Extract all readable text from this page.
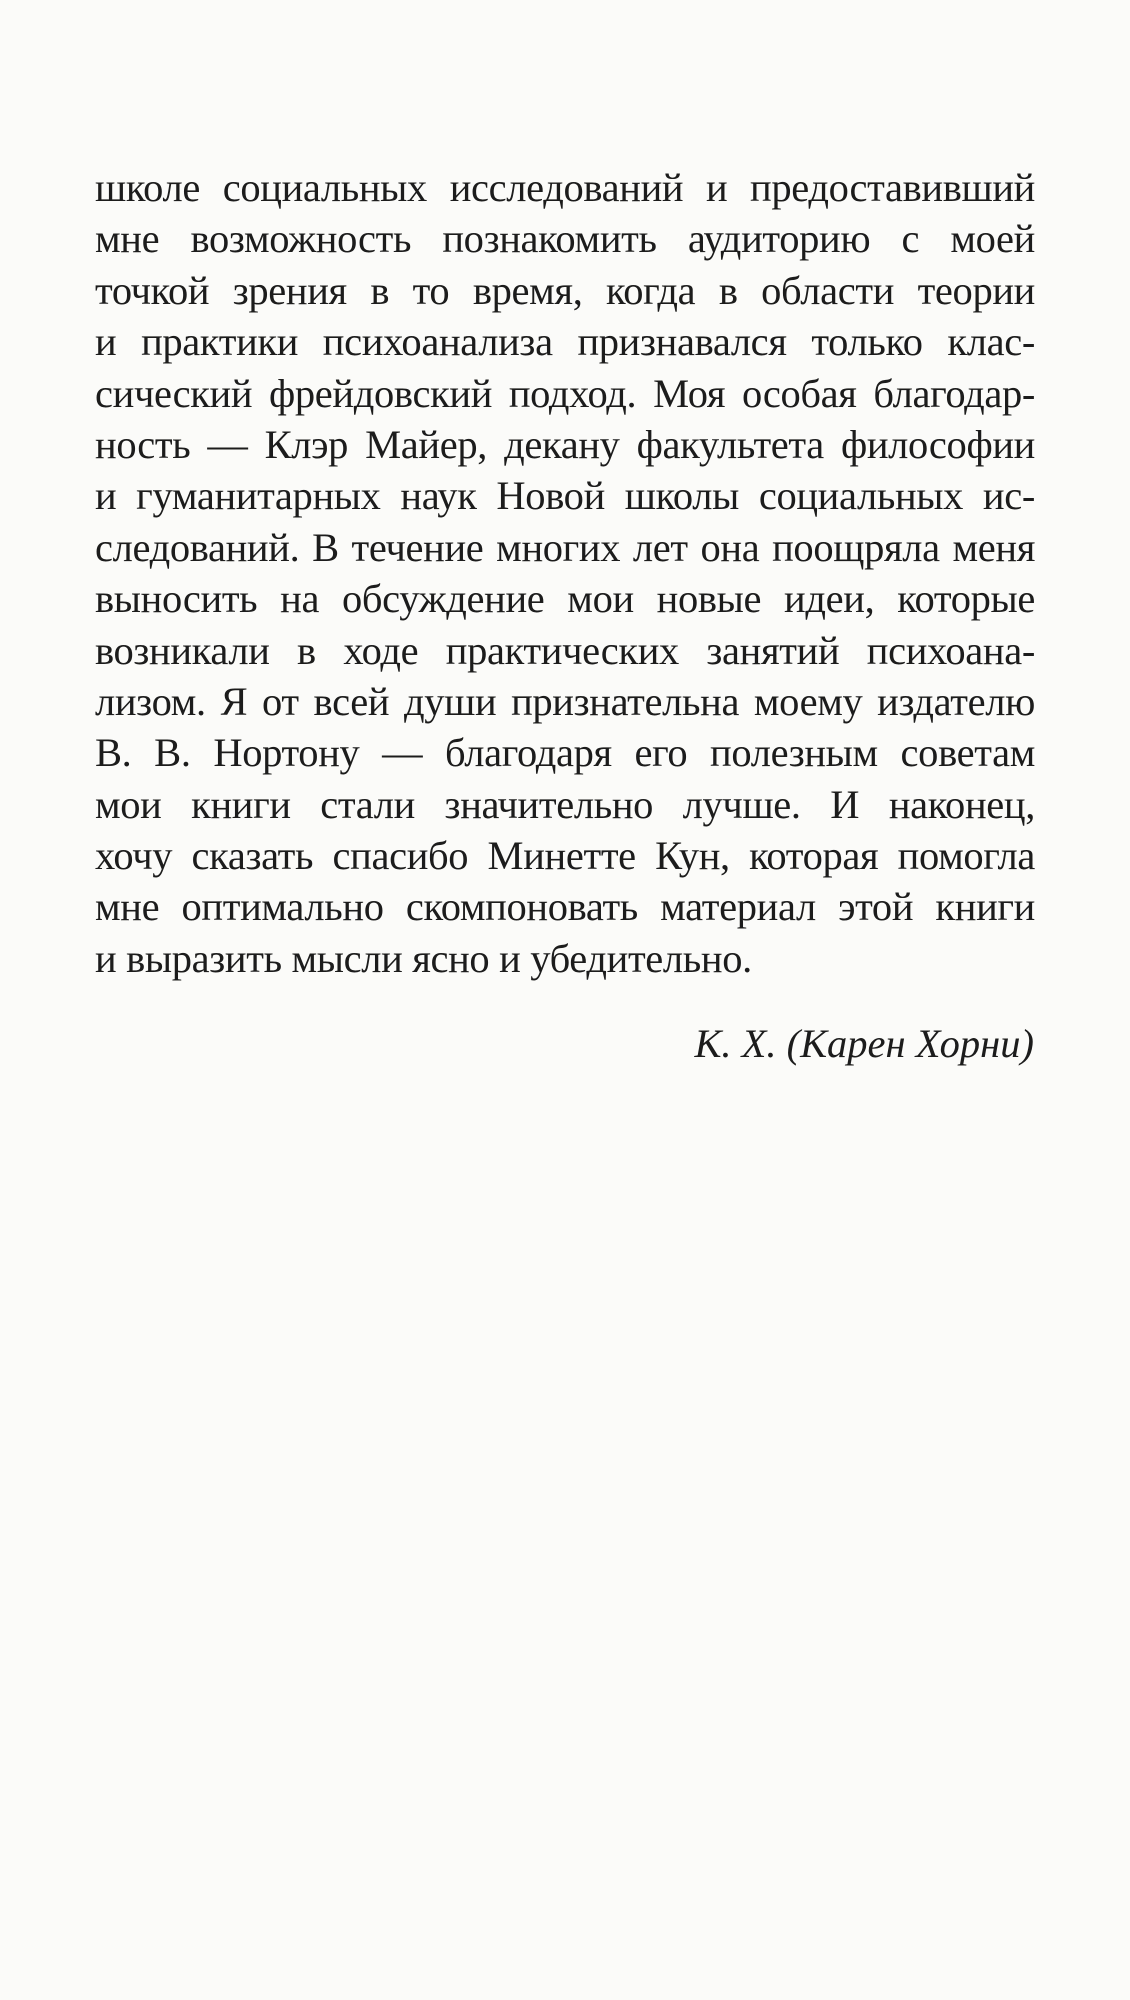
школе социальных исследований и предоставивший
мне возможность познакомить аудиторию с моей
точкой зрения в то время, когда в области теории
и практики психоанализа признавался только клас-
сический фрейдовский подход. Моя особая благодар-
ность — Клэр Майер, декану факультета философии
и гуманитарных наук Новой школы социальных ис-
следований. В течение многих лет она поощряла меня
выносить на обсуждение мои новые идеи, которые
возникали в ходе практических занятий психоана-
лизом. Я от всей души признательна моему издателю
В. В. Нортону — благодаря его полезным советам
мои книги стали значительно лучше. И наконец,
хочу сказать спасибо Минетте Кун, которая помогла
мне оптимально скомпоновать материал этой книги
и выразить мысли ясно и убедительно.
К. Х. (Карен Хорни)
